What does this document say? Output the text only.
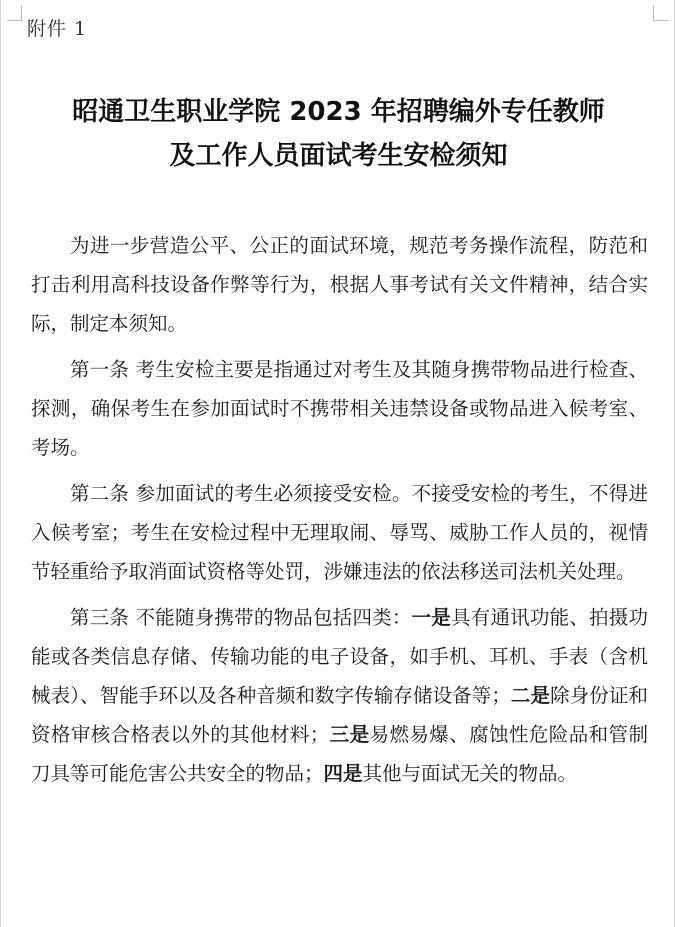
附件 1
昭通卫生职业学院 2023 年招聘编外专任教师
及工作人员面试考生安检须知

为进一步营造公平、公正的面试环境，规范考务操作流程，防范和打击利用高科技设备作弊等行为，根据人事考试有关文件精神，结合实际，制定本须知。

第一条 考生安检主要是指通过对考生及其随身携带物品进行检查、探测，确保考生在参加面试时不携带相关违禁设备或物品进入候考室、考场。

第二条 参加面试的考生必须接受安检。不接受安检的考生，不得进入候考室；考生在安检过程中无理取闹、辱骂、威胁工作人员的，视情节轻重给予取消面试资格等处罚，涉嫌违法的依法移送司法机关处理。

第三条 不能随身携带的物品包括四类：一是具有通讯功能、拍摄功能或各类信息存储、传输功能的电子设备，如手机、耳机、手表（含机械表）、智能手环以及各种音频和数字传输存储设备等；二是除身份证和资格审核合格表以外的其他材料；三是易燃易爆、腐蚀性危险品和管制刀具等可能危害公共安全的物品；四是其他与面试无关的物品。
